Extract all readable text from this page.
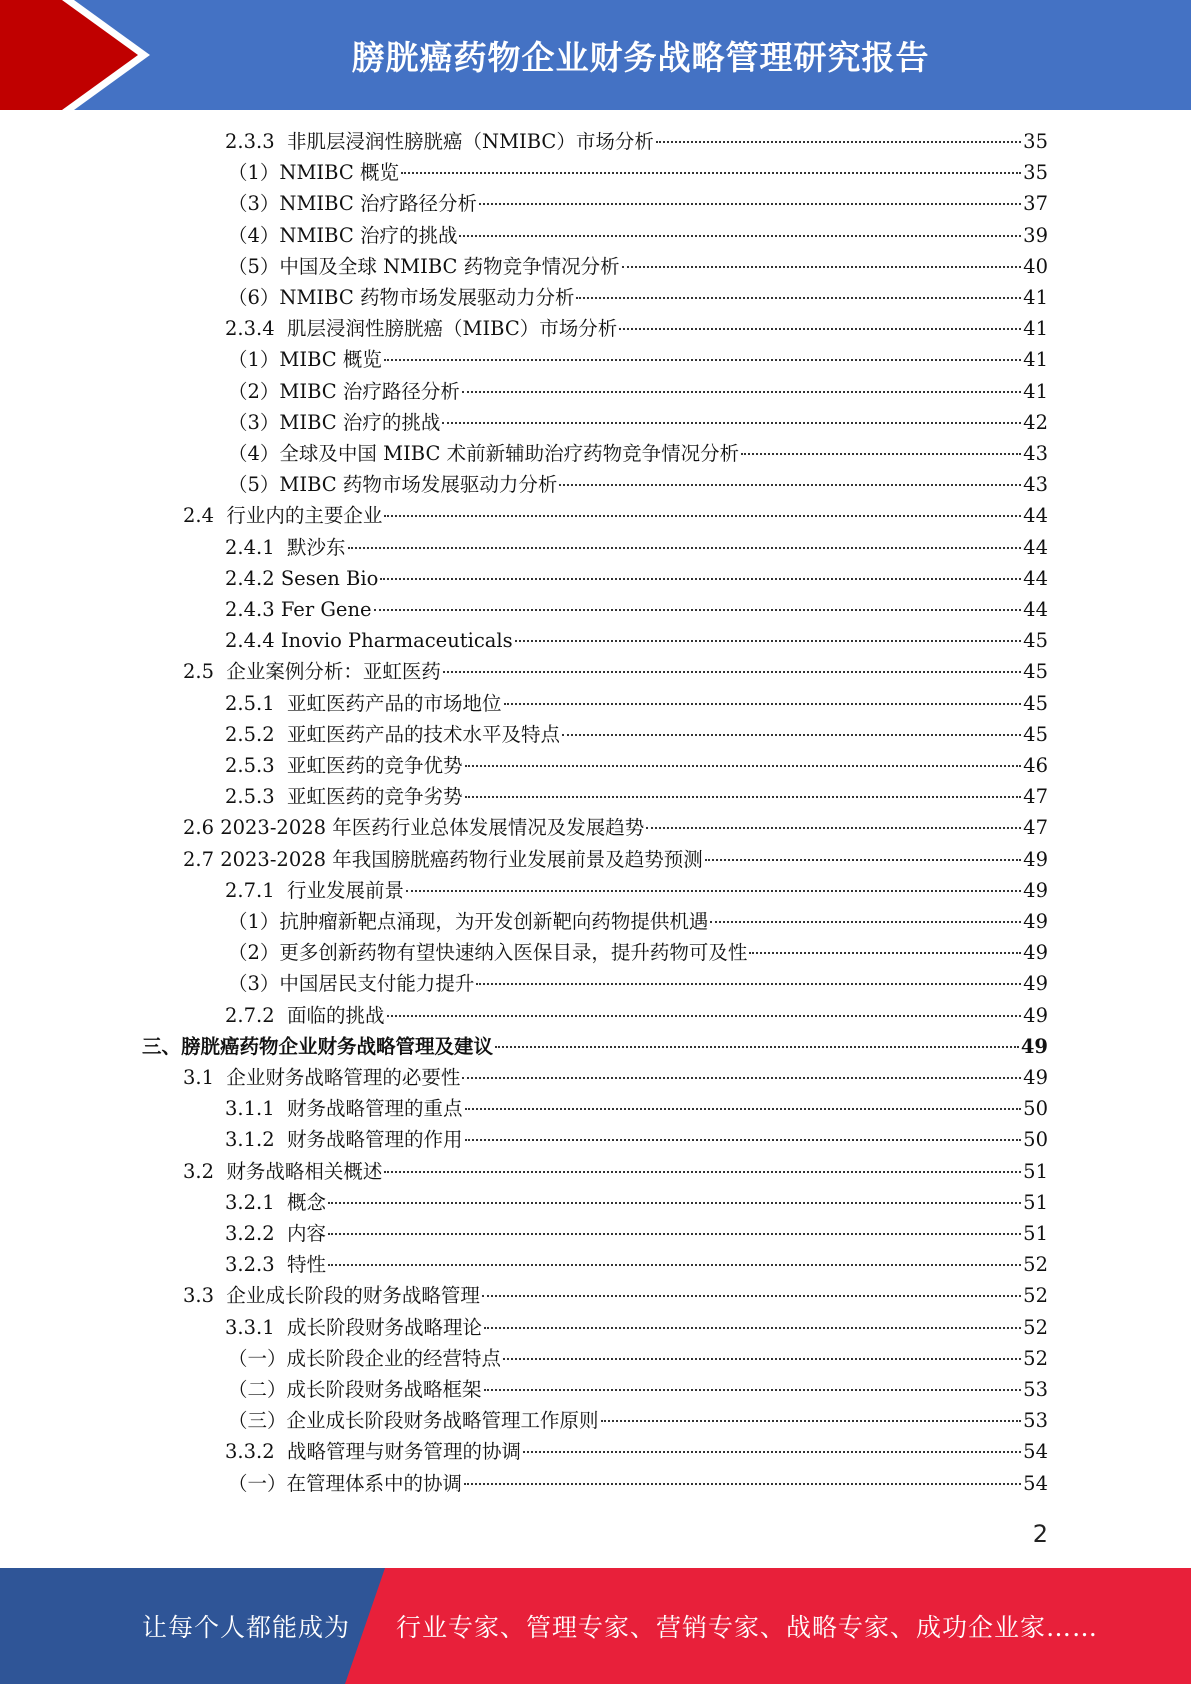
膀胱癌药物企业财务战略管理研究报告
2.3.3  非肌层浸润性膀胱癌（NMIBC）市场分析	35
（1）NMIBC 概览	35
（3）NMIBC 治疗路径分析	37
（4）NMIBC 治疗的挑战	39
（5）中国及全球 NMIBC 药物竞争情况分析	40
（6）NMIBC 药物市场发展驱动力分析	41
2.3.4  肌层浸润性膀胱癌（MIBC）市场分析	41
（1）MIBC 概览	41
（2）MIBC 治疗路径分析	41
（3）MIBC 治疗的挑战	42
（4）全球及中国 MIBC 术前新辅助治疗药物竞争情况分析	43
（5）MIBC 药物市场发展驱动力分析	43
2.4  行业内的主要企业	44
2.4.1  默沙东	44
2.4.2 Sesen Bio	44
2.4.3 Fer Gene	44
2.4.4 Inovio Pharmaceuticals	45
2.5  企业案例分析：亚虹医药	45
2.5.1  亚虹医药产品的市场地位	45
2.5.2  亚虹医药产品的技术水平及特点	45
2.5.3  亚虹医药的竞争优势	46
2.5.3  亚虹医药的竞争劣势	47
2.6 2023-2028 年医药行业总体发展情况及发展趋势	47
2.7 2023-2028 年我国膀胱癌药物行业发展前景及趋势预测	49
2.7.1  行业发展前景	49
（1）抗肿瘤新靶点涌现，为开发创新靶向药物提供机遇	49
（2）更多创新药物有望快速纳入医保目录，提升药物可及性	49
（3）中国居民支付能力提升	49
2.7.2  面临的挑战	49
三、膀胱癌药物企业财务战略管理及建议	49
3.1  企业财务战略管理的必要性	49
3.1.1  财务战略管理的重点	50
3.1.2  财务战略管理的作用	50
3.2  财务战略相关概述	51
3.2.1  概念	51
3.2.2  内容	51
3.2.3  特性	52
3.3  企业成长阶段的财务战略管理	52
3.3.1  成长阶段财务战略理论	52
（一）成长阶段企业的经营特点	52
（二）成长阶段财务战略框架	53
（三）企业成长阶段财务战略管理工作原则	53
3.3.2  战略管理与财务管理的协调	54
（一）在管理体系中的协调	54
2
让每个人都能成为 行业专家、管理专家、营销专家、战略专家、成功企业家……
